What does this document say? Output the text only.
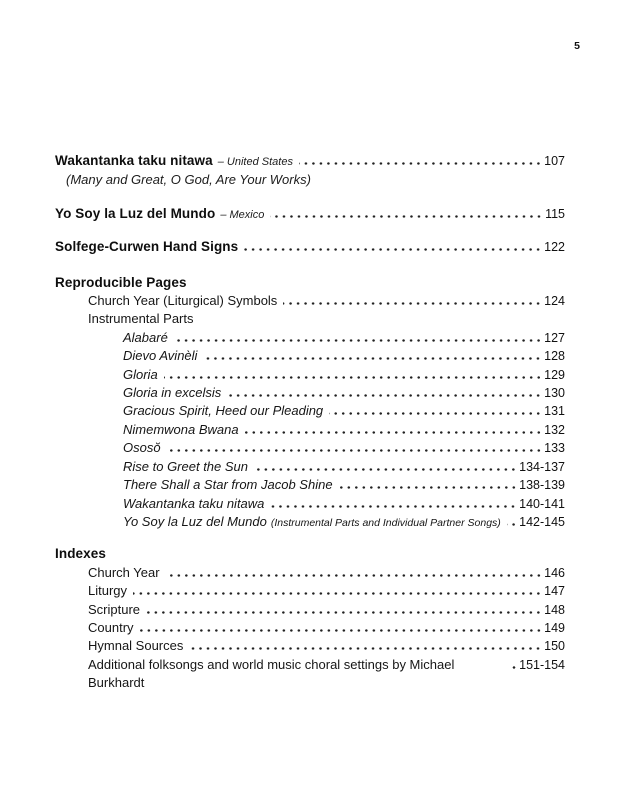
5
Wakantanka taku nitawa – United States	107
(Many and Great, O God, Are Your Works)
Yo Soy la Luz del Mundo – Mexico	115
Solfege-Curwen Hand Signs	122
Reproducible Pages
Church Year (Liturgical) Symbols	124
Instrumental Parts
Alabaré	127
Dievo Avinèli	128
Gloria	129
Gloria in excelsis	130
Gracious Spirit, Heed our Pleading	131
Nimemwona Bwana	132
Ososŏ	133
Rise to Greet the Sun	134-137
There Shall a Star from Jacob Shine	138-139
Wakantanka taku nitawa	140-141
Yo Soy la Luz del Mundo (Instrumental Parts and Individual Partner Songs) 142-145
Indexes
Church Year	146
Liturgy	147
Scripture	148
Country	149
Hymnal Sources	150
Additional folksongs and world music choral settings by Michael Burkhardt
151-154
